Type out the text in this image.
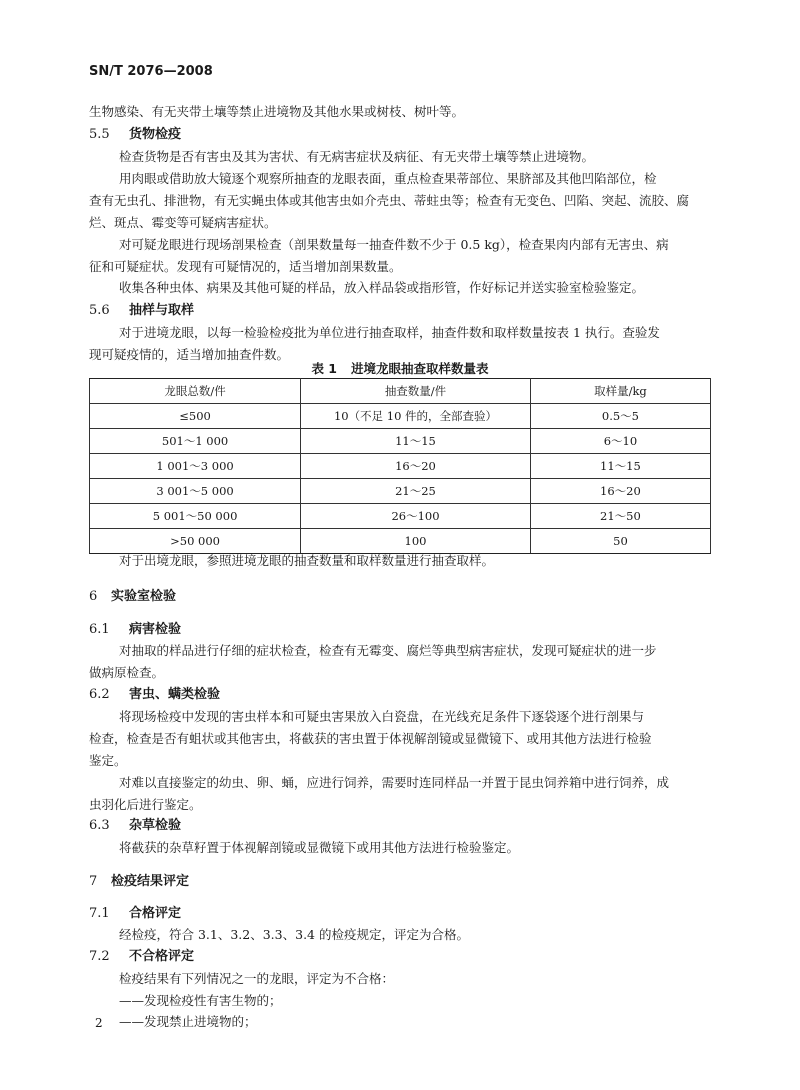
SN/T 2076—2008
生物感染、有无夹带土壤等禁止进境物及其他水果或树枝、树叶等。
5.5 货物检疫
检查货物是否有害虫及其为害状、有无病害症状及病征、有无夹带土壤等禁止进境物。
用肉眼或借助放大镜逐个观察所抽查的龙眼表面，重点检查果蒂部位、果脐部及其他凹陷部位，检
查有无虫孔、排泄物，有无实蝇虫体或其他害虫如介壳虫、蒂蛀虫等；检查有无变色、凹陷、突起、流胶、腐
烂、斑点、霉变等可疑病害症状。
对可疑龙眼进行现场剖果检查（剖果数量每一抽查件数不少于 0.5 kg），检查果肉内部有无害虫、病
征和可疑症状。发现有可疑情况的，适当增加剖果数量。
收集各种虫体、病果及其他可疑的样品，放入样品袋或指形管，作好标记并送实验室检验鉴定。
5.6 抽样与取样
对于进境龙眼，以每一检验检疫批为单位进行抽查取样，抽查件数和取样数量按表 1 执行。查验发
现可疑疫情的，适当增加抽查件数。
表 1 进境龙眼抽查取样数量表
龙眼总数/件	抽查数量/件	取样量/kg
≤500	10（不足 10 件的，全部查验）	0.5～5
501～1 000	11～15	6～10
1 001～3 000	16～20	11～15
3 001～5 000	21～25	16～20
5 001～50 000	26～100	21～50
>50 000	100	50
对于出境龙眼，参照进境龙眼的抽查数量和取样数量进行抽查取样。
6 实验室检验
6.1 病害检验
对抽取的样品进行仔细的症状检查，检查有无霉变、腐烂等典型病害症状，发现可疑症状的进一步
做病原检查。
6.2 害虫、螨类检验
将现场检疫中发现的害虫样本和可疑虫害果放入白瓷盘，在光线充足条件下逐袋逐个进行剖果与
检查，检查是否有蛆状或其他害虫，将截获的害虫置于体视解剖镜或显微镜下、或用其他方法进行检验
鉴定。
对难以直接鉴定的幼虫、卵、蛹，应进行饲养，需要时连同样品一并置于昆虫饲养箱中进行饲养，成
虫羽化后进行鉴定。
6.3 杂草检验
将截获的杂草籽置于体视解剖镜或显微镜下或用其他方法进行检验鉴定。
7 检疫结果评定
7.1 合格评定
经检疫，符合 3.1、3.2、3.3、3.4 的检疫规定，评定为合格。
7.2 不合格评定
检疫结果有下列情况之一的龙眼，评定为不合格：
——发现检疫性有害生物的；
——发现禁止进境物的；
2
